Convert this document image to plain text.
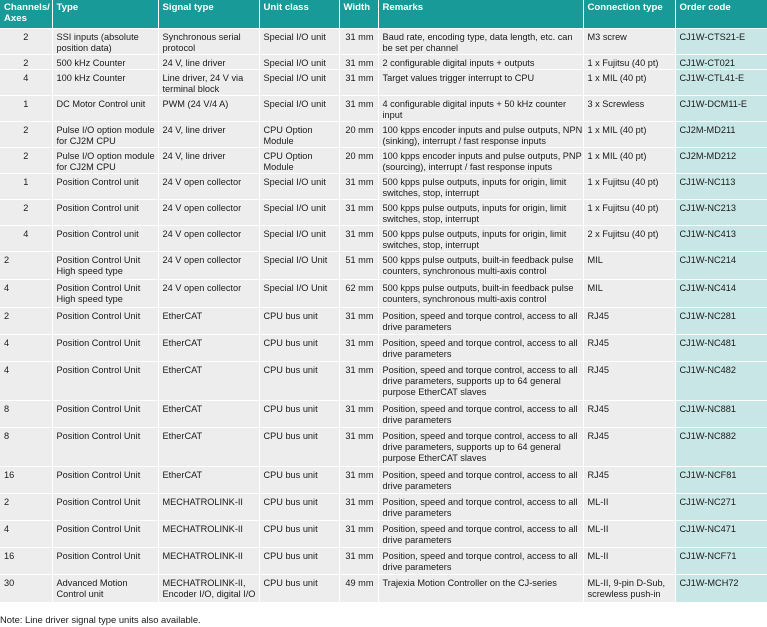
Channels/ Axes	Type	Signal type	Unit class	Width	Remarks	Connection type	Order code
2	SSI inputs (absolute position data)	Synchronous serial protocol	Special I/O unit	31 mm	Baud rate, encoding type, data length, etc. can be set per channel	M3 screw	CJ1W-CTS21-E
2	500 kHz Counter	24 V, line driver	Special I/O unit	31 mm	2 configurable digital inputs + outputs	1 x Fujitsu (40 pt)	CJ1W-CT021
4	100 kHz Counter	Line driver, 24 V via terminal block	Special I/O unit	31 mm	Target values trigger interrupt to CPU	1 x MIL (40 pt)	CJ1W-CTL41-E
1	DC Motor Control unit	PWM (24 V/4 A)	Special I/O unit	31 mm	4 configurable digital inputs + 50 kHz counter input	3 x Screwless	CJ1W-DCM11-E
2	Pulse I/O option module for CJ2M CPU	24 V, line driver	CPU Option Module	20 mm	100 kpps encoder inputs and pulse outputs, NPN (sinking), interrupt / fast response inputs	1 x MIL (40 pt)	CJ2M-MD211
2	Pulse I/O option module for CJ2M CPU	24 V, line driver	CPU Option Module	20 mm	100 kpps encoder inputs and pulse outputs, PNP (sourcing), interrupt / fast response inputs	1 x MIL (40 pt)	CJ2M-MD212
1	Position Control unit	24 V open collector	Special I/O unit	31 mm	500 kpps pulse outputs, inputs for origin, limit switches, stop, interrupt	1 x Fujitsu (40 pt)	CJ1W-NC113
2	Position Control unit	24 V open collector	Special I/O unit	31 mm	500 kpps pulse outputs, inputs for origin, limit switches, stop, interrupt	1 x Fujitsu (40 pt)	CJ1W-NC213
4	Position Control unit	24 V open collector	Special I/O unit	31 mm	500 kpps pulse outputs, inputs for origin, limit switches, stop, interrupt	2 x Fujitsu (40 pt)	CJ1W-NC413
2	Position Control Unit High speed type	24 V open collector	Special I/O Unit	51 mm	500 kpps pulse outputs, built-in feedback pulse counters, synchronous multi-axis control	MIL	CJ1W-NC214
4	Position Control Unit High speed type	24 V open collector	Special I/O Unit	62 mm	500 kpps pulse outputs, built-in feedback pulse counters, synchronous multi-axis control	MIL	CJ1W-NC414
2	Position Control Unit	EtherCAT	CPU bus unit	31 mm	Position, speed and torque control, access to all drive parameters	RJ45	CJ1W-NC281
4	Position Control Unit	EtherCAT	CPU bus unit	31 mm	Position, speed and torque control, access to all drive parameters	RJ45	CJ1W-NC481
4	Position Control Unit	EtherCAT	CPU bus unit	31 mm	Position, speed and torque control, access to all drive parameters, supports up to 64 general purpose EtherCAT slaves	RJ45	CJ1W-NC482
8	Position Control Unit	EtherCAT	CPU bus unit	31 mm	Position, speed and torque control, access to all drive parameters	RJ45	CJ1W-NC881
8	Position Control Unit	EtherCAT	CPU bus unit	31 mm	Position, speed and torque control, access to all drive parameters, supports up to 64 general purpose EtherCAT slaves	RJ45	CJ1W-NC882
16	Position Control Unit	EtherCAT	CPU bus unit	31 mm	Position, speed and torque control, access to all drive parameters	RJ45	CJ1W-NCF81
2	Position Control Unit	MECHATROLINK-II	CPU bus unit	31 mm	Position, speed and torque control, access to all drive parameters	ML-II	CJ1W-NC271
4	Position Control Unit	MECHATROLINK-II	CPU bus unit	31 mm	Position, speed and torque control, access to all drive parameters	ML-II	CJ1W-NC471
16	Position Control Unit	MECHATROLINK-II	CPU bus unit	31 mm	Position, speed and torque control, access to all drive parameters	ML-II	CJ1W-NCF71
30	Advanced Motion Control unit	MECHATROLINK-II, Encoder I/O, digital I/O	CPU bus unit	49 mm	Trajexia Motion Controller on the CJ-series	ML-II, 9-pin D-Sub, screwless push-in	CJ1W-MCH72
Note: Line driver signal type units also available.
